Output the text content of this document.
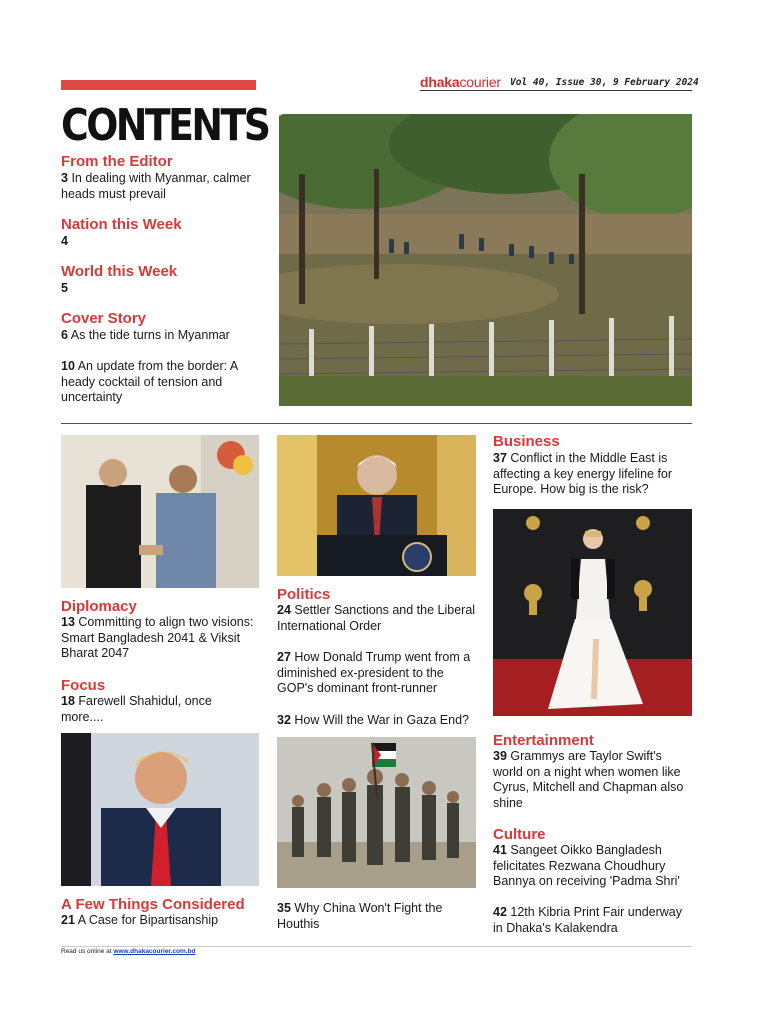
dhakacourier Vol 40, Issue 30, 9 February 2024
CONTENTS
From the Editor
3 In dealing with Myanmar, calmer heads must prevail
Nation this Week
4
World this Week
5
Cover Story
6 As the tide turns in Myanmar
10 An update from the border: A heady cocktail of tension and uncertainty
Diplomacy
13 Committing to align two visions: Smart Bangladesh 2041 & Viksit Bharat 2047
Focus
18 Farewell Shahidul, once more....
A Few Things Considered
21 A Case for Bipartisanship
Politics
24 Settler Sanctions and the Liberal International Order
27 How Donald Trump went from a diminished ex-president to the GOP's dominant front-runner
32 How Will the War in Gaza End?
35 Why China Won't Fight the Houthis
Business
37 Conflict in the Middle East is affecting a key energy lifeline for Europe. How big is the risk?
Entertainment
39 Grammys are Taylor Swift's world on a night when women like Cyrus, Mitchell and Chapman also shine
Culture
41 Sangeet Oikko Bangladesh felicitates Rezwana Choudhury Bannya on receiving 'Padma Shri'
42 12th Kibria Print Fair underway in Dhaka's Kalakendra
Read us online at www.dhakacourier.com.bd
